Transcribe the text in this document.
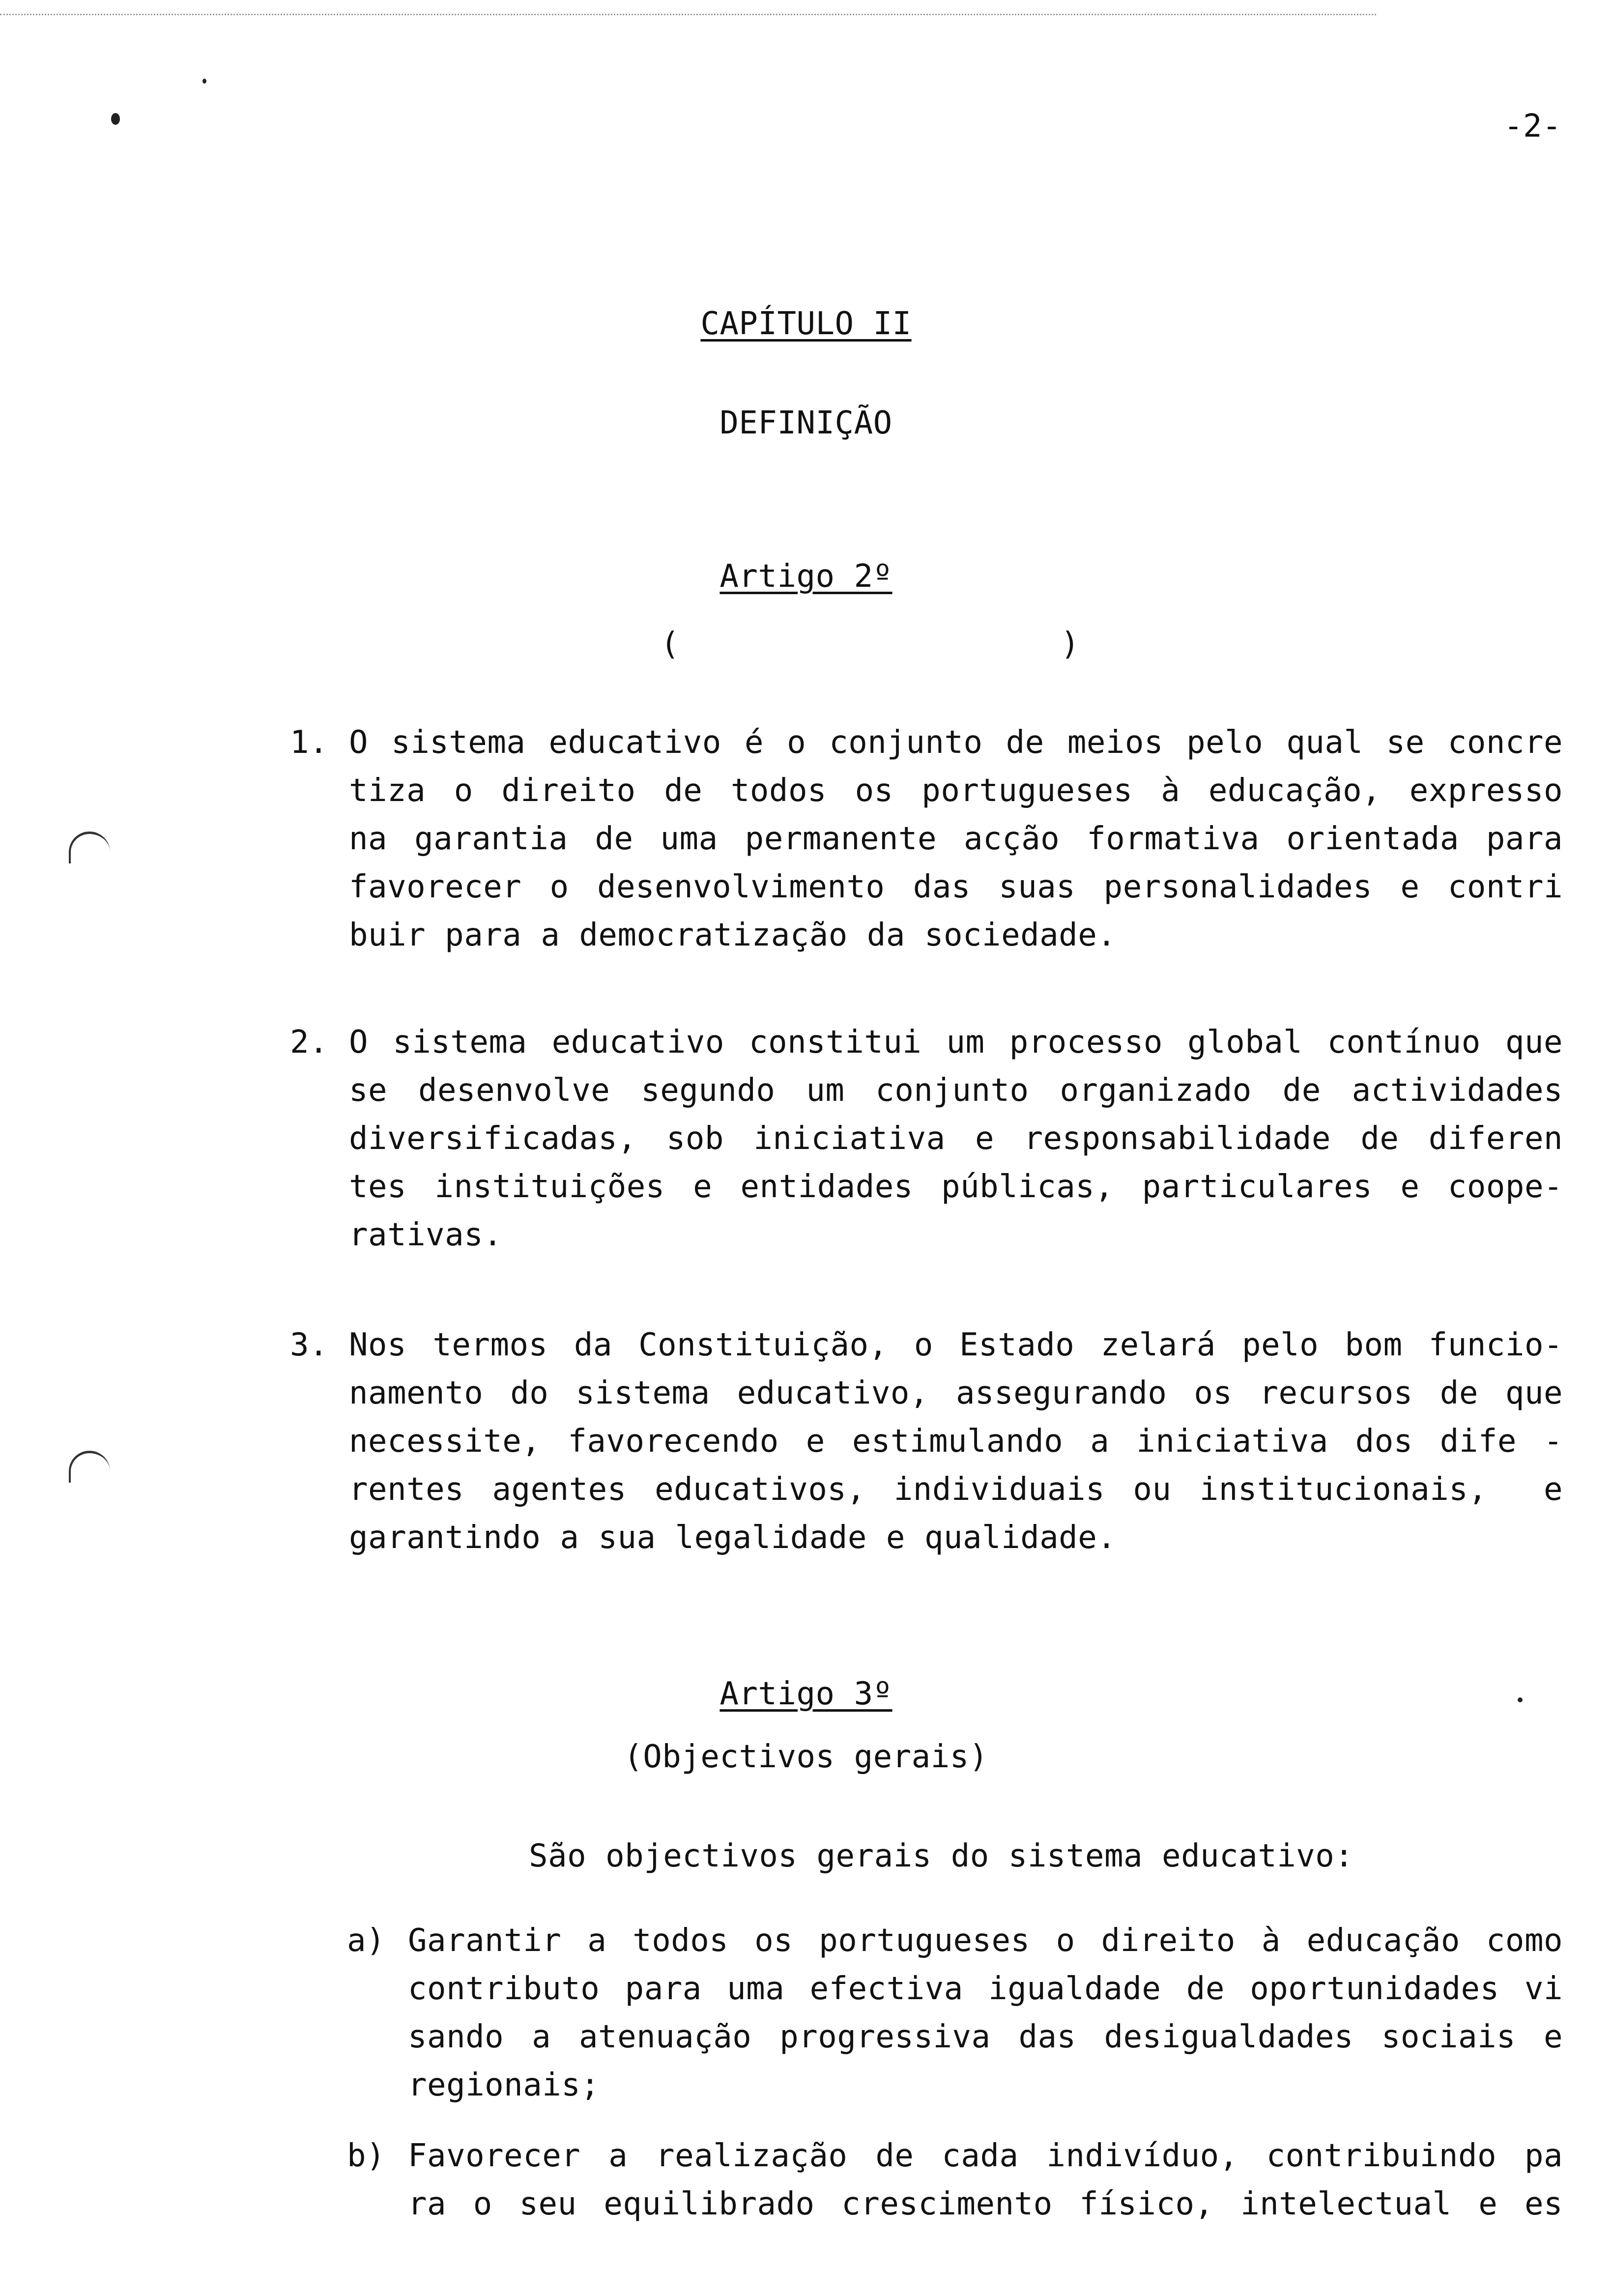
-2-
CAPÍTULO II
DEFINIÇÃO
Artigo 2º
(	)
1. O sistema educativo é o conjunto de meios pelo qual se concre
tiza o direito de todos os portugueses à educação, expresso
na garantia de uma permanente acção formativa orientada para
favorecer o desenvolvimento das suas personalidades e contri
buir para a democratização da sociedade.
2. O sistema educativo constitui um processo global contínuo que
se desenvolve segundo um conjunto organizado de actividades
diversificadas, sob iniciativa e responsabilidade de diferen
tes instituições e entidades públicas, particulares e coope-
rativas.
3. Nos termos da Constituição, o Estado zelará pelo bom funcio-
namento do sistema educativo, assegurando os recursos de que
necessite, favorecendo e estimulando a iniciativa dos dife -
rentes agentes educativos, individuais ou institucionais,  e
garantindo a sua legalidade e qualidade.
Artigo 3º
(Objectivos gerais)
São objectivos gerais do sistema educativo:
a) Garantir a todos os portugueses o direito à educação como
contributo para uma efectiva igualdade de oportunidades vi
sando a atenuação progressiva das desigualdades sociais e
regionais;
b) Favorecer a realização de cada indivíduo, contribuindo pa
ra o seu equilibrado crescimento físico, intelectual e es
